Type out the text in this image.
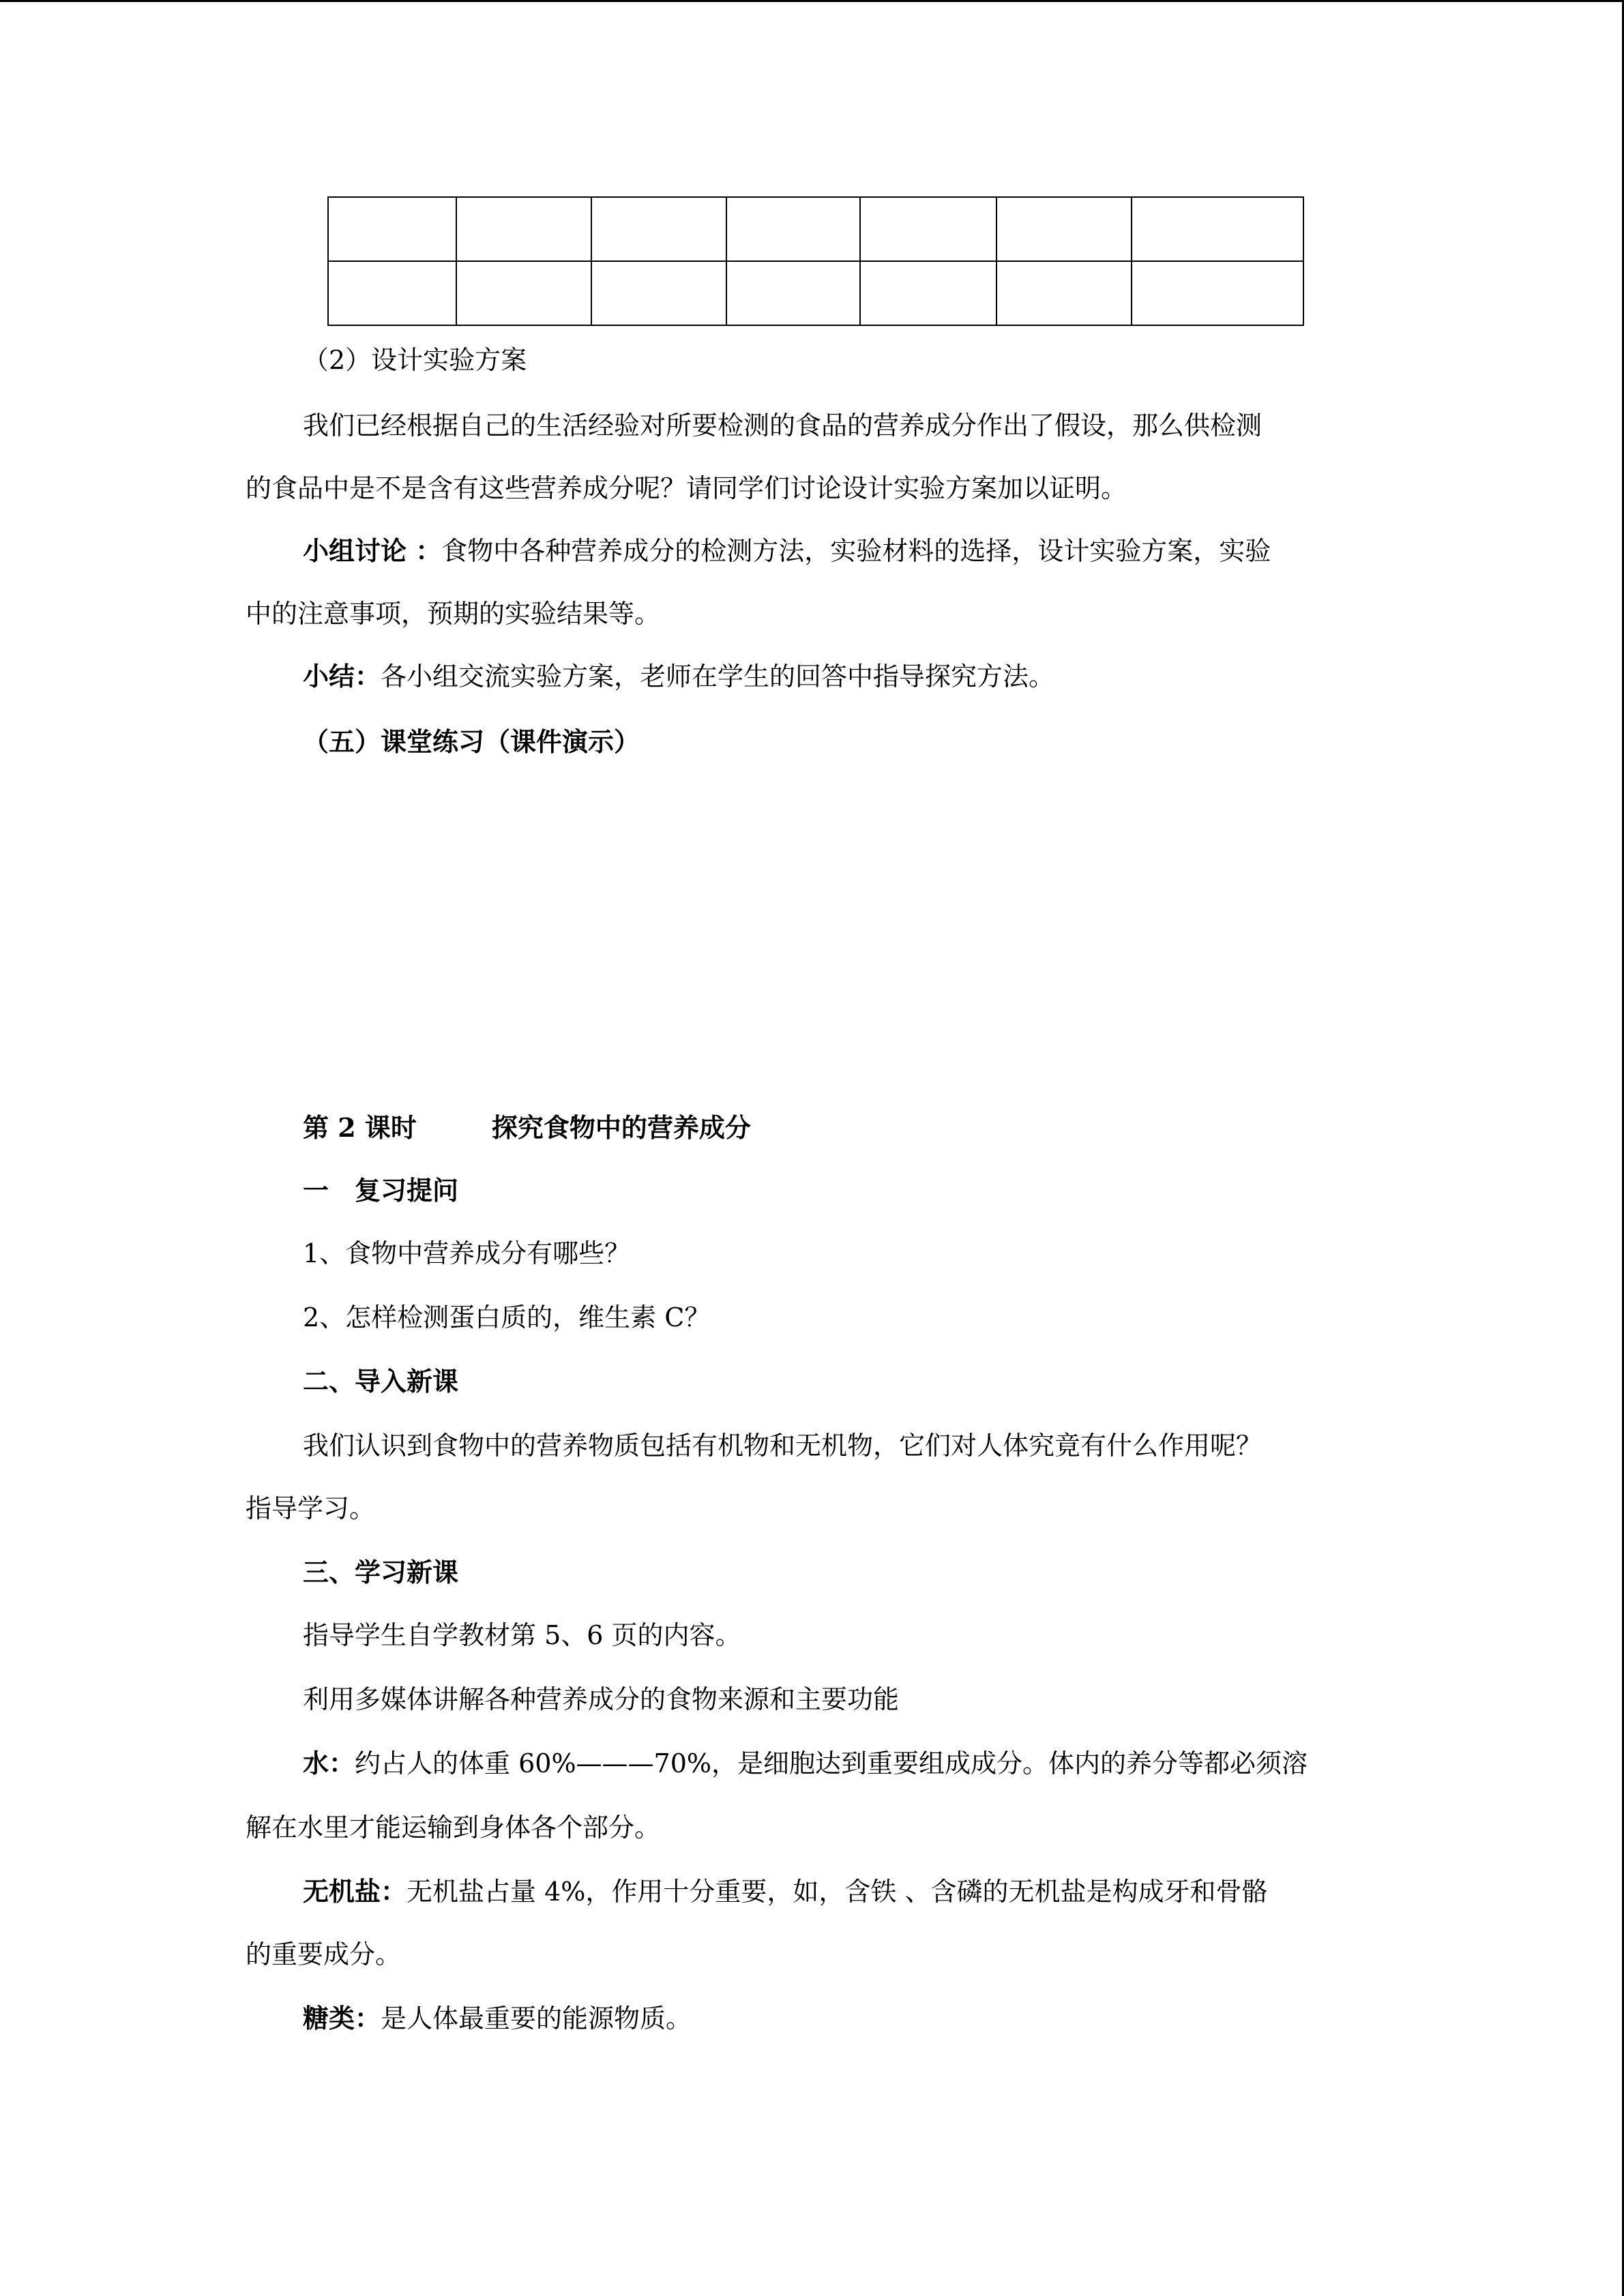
（2）设计实验方案
我们已经根据自己的生活经验对所要检测的食品的营养成分作出了假设，那么供检测
的食品中是不是含有这些营养成分呢？请同学们讨论设计实验方案加以证明。
小组讨论 ：食物中各种营养成分的检测方法，实验材料的选择，设计实验方案，实验
中的注意事项，预期的实验结果等。
小结：各小组交流实验方案，老师在学生的回答中指导探究方法。
（五）课堂练习（课件演示）
第 2 课时	探究食物中的营养成分
一　复习提问
1、食物中营养成分有哪些？
2、怎样检测蛋白质的，维生素 C？
二、导入新课
我们认识到食物中的营养物质包括有机物和无机物，它们对人体究竟有什么作用呢？
指导学习。
三、学习新课
指导学生自学教材第 5、6 页的内容。
利用多媒体讲解各种营养成分的食物来源和主要功能
水：约占人的体重 60%———70%，是细胞达到重要组成成分。体内的养分等都必须溶
解在水里才能运输到身体各个部分。
无机盐：无机盐占量 4%，作用十分重要，如，含铁 、含磷的无机盐是构成牙和骨骼
的重要成分。
糖类：是人体最重要的能源物质。
